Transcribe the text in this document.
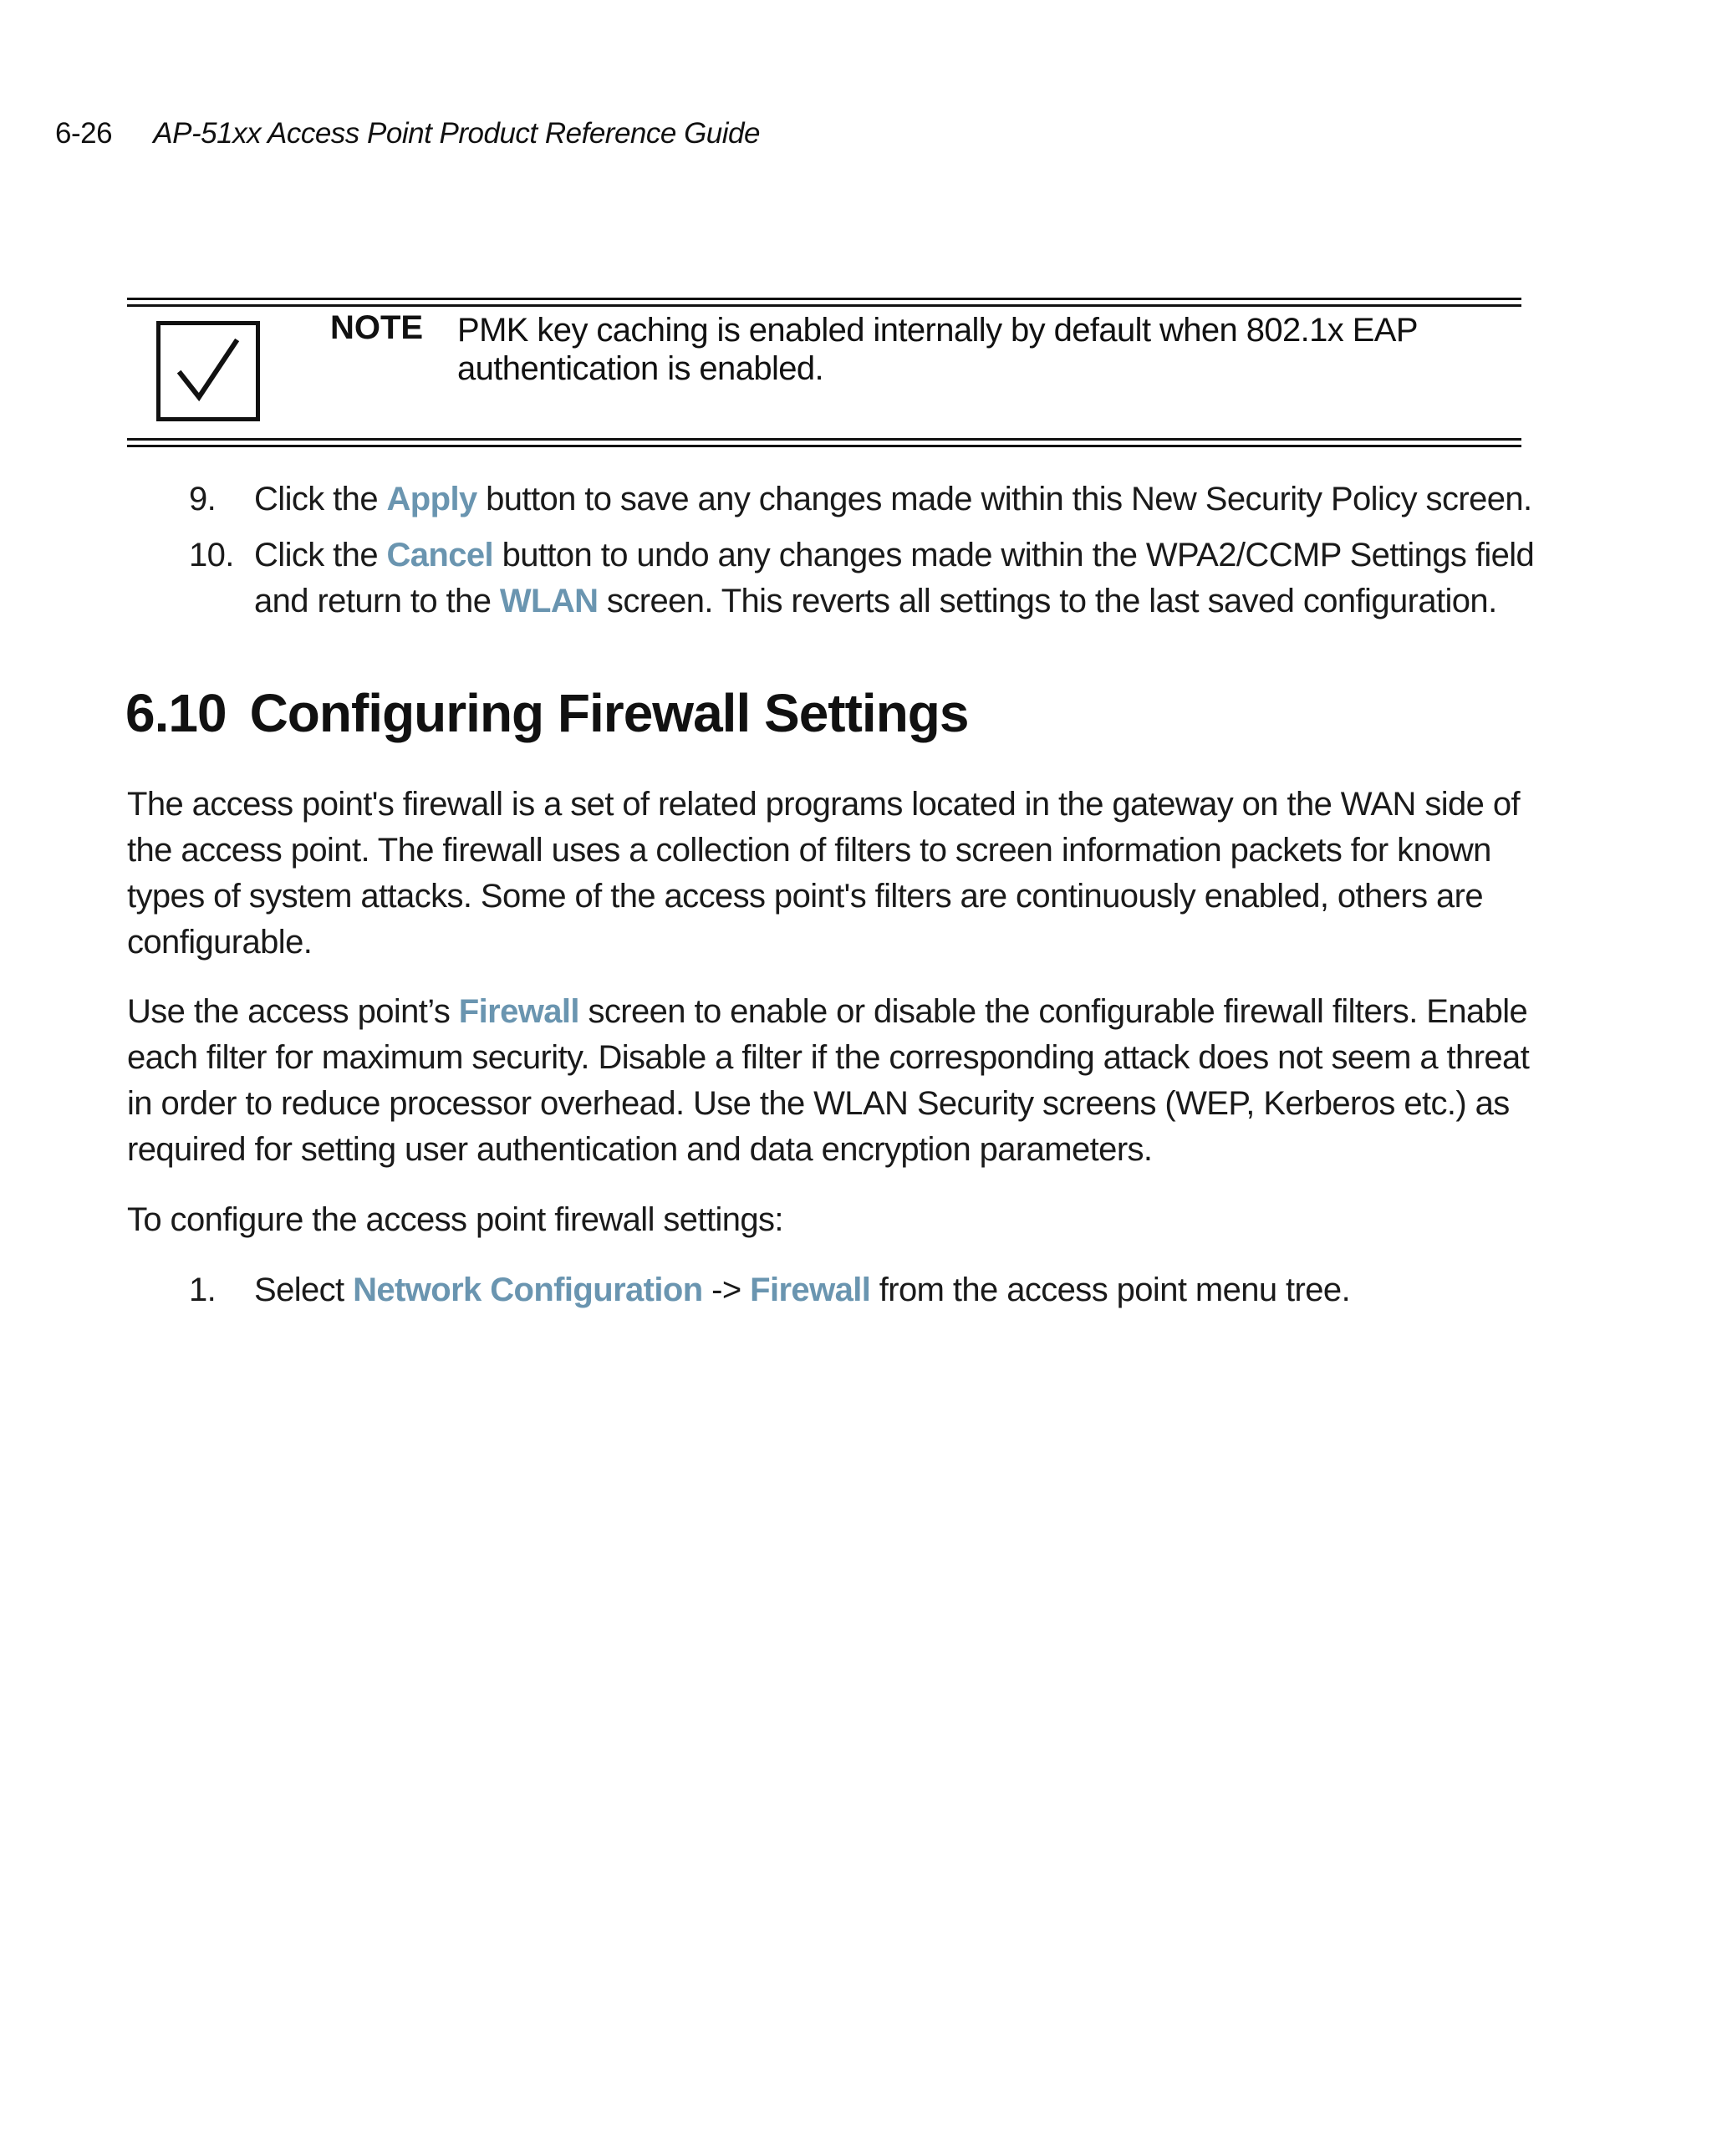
6-26 AP-51xx Access Point Product Reference Guide
NOTE PMK key caching is enabled internally by default when 802.1x EAP authentication is enabled.
9. Click the Apply button to save any changes made within this New Security Policy screen.
10. Click the Cancel button to undo any changes made within the WPA2/CCMP Settings field and return to the WLAN screen. This reverts all settings to the last saved configuration.
6.10 Configuring Firewall Settings
The access point's firewall is a set of related programs located in the gateway on the WAN side of the access point. The firewall uses a collection of filters to screen information packets for known types of system attacks. Some of the access point's filters are continuously enabled, others are configurable.
Use the access point’s Firewall screen to enable or disable the configurable firewall filters. Enable each filter for maximum security. Disable a filter if the corresponding attack does not seem a threat in order to reduce processor overhead. Use the WLAN Security screens (WEP, Kerberos etc.) as required for setting user authentication and data encryption parameters.
To configure the access point firewall settings:
1. Select Network Configuration -> Firewall from the access point menu tree.
